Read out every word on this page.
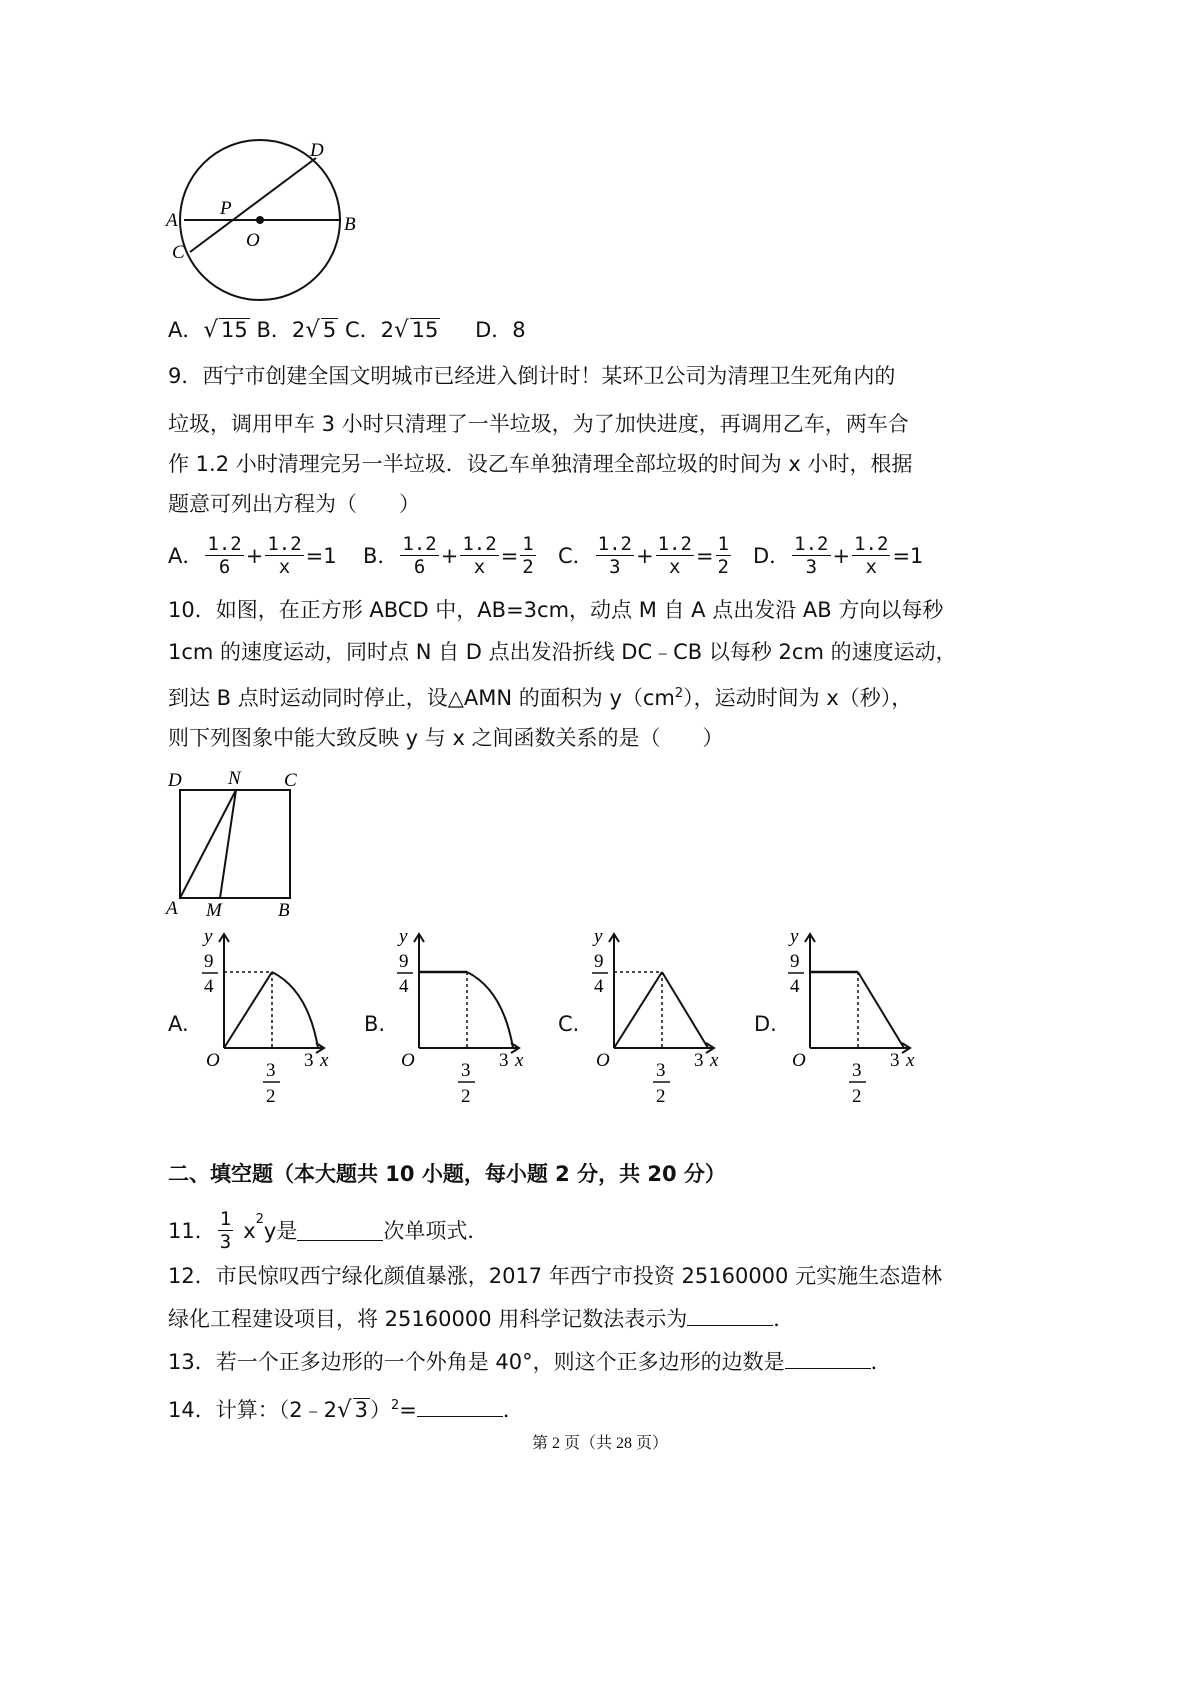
D
P
A
O
B
C
A．√ 15 B．2√ 5 C．2√ 15 D．8
9．西宁市创建全国文明城市已经进入倒计时！某环卫公司为清理卫生死角内的
垃圾，调用甲车 3 小时只清理了一半垃圾，为了加快进度，再调用乙车，两车合
作 1.2 小时清理完另一半垃圾．设乙车单独清理全部垃圾的时间为 x 小时，根据
题意可列出方程为（　　）
A． $\frac{1.2}{6} + \frac{1.2}{x} =1$ B． $\frac{1.2}{6} + \frac{1.2}{x} = \frac{1}{2}$ C． $\frac{1.2}{3} + \frac{1.2}{x} = \frac{1}{2}$ D． $\frac{1.2}{3} + \frac{1.2}{x} =1$
10．如图，在正方形 ABCD 中，AB=3cm，动点 M 自 A 点出发沿 AB 方向以每秒
1cm 的速度运动，同时点 N 自 D 点出发沿折线 DC﹣CB 以每秒 2cm 的速度运动，
到达 B 点时运动同时停止，设△AMN 的面积为 $y(cm^2)$，运动时间为 x（秒），
则下列图象中能大致反映 y 与 x 之间函数关系的是（　　）
D N C
A M	B
A.	B.	C.	D.
y
9
4
O	3 x
3
2
y
9
4
O	3 x
3
2
y
9
4
O	3 x
3
2
y
9
4
O	3 x
3
2
二、填空题（本大题共 10 小题，每小题 2 分，共 20 分）
11． $\frac{1}{3} x^2$ y 是	次单项式．
12．市民惊叹西宁绿化颜值暴涨，2017 年西宁市投资 25160000 元实施生态造林
绿化工程建设项目，将 25160000 用科学记数法表示为	．
13．若一个正多边形的一个外角是 40°，则这个正多边形的边数是	．
14．计算：（2﹣2√ 3）$^2$=	．
第 2 页（共 28 页）
